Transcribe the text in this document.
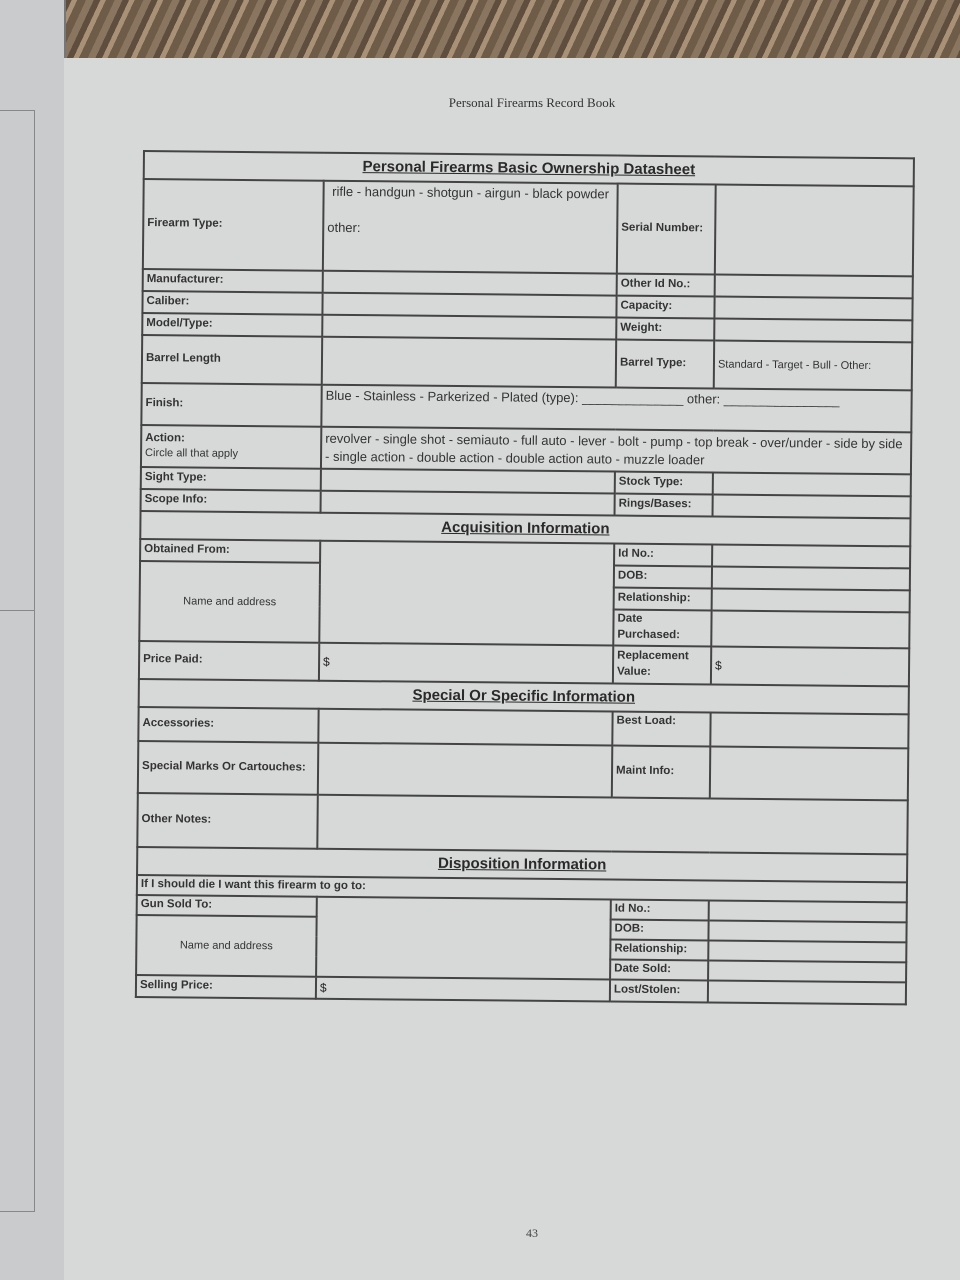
Personal Firearms Record Book
Personal Firearms Basic Ownership Datasheet			
Firearm Type:	rifle - handgun - shotgun - airgun - black powder
other:	Serial Number:	
Manufacturer:		Other Id No.:	
Caliber:		Capacity:	
Model/Type:		Weight:	
Barrel Length		Barrel Type:	Standard - Target - Bull - Other:
Finish:	Blue - Stainless - Parkerized - Plated (type): ______________ other: ________________		

Action:
Circle all that apply	revolver - single shot - semiauto - full auto - lever - bolt - pump - top break - over/under - side by side - single action - double action - double action auto - muzzle loader		
Sight Type:		Stock Type:	
Scope Info:		Rings/Bases:	
Acquisition Information			
Obtained From:		Id No.:	
Name and address		DOB:	
		Relationship:	
		Date Purchased:	
Price Paid:	$	Replacement Value:	$
Special Or Specific Information			
Accessories:		Best Load:	
Special Marks Or Cartouches:		Maint Info:	
Other Notes:			
Disposition Information			
If I should die I want this firearm to go to:			
Gun Sold To:		Id No.:	
Name and address		DOB:	
		Relationship:	
		Date Sold:	
Selling Price:	$	Lost/Stolen:	
43
